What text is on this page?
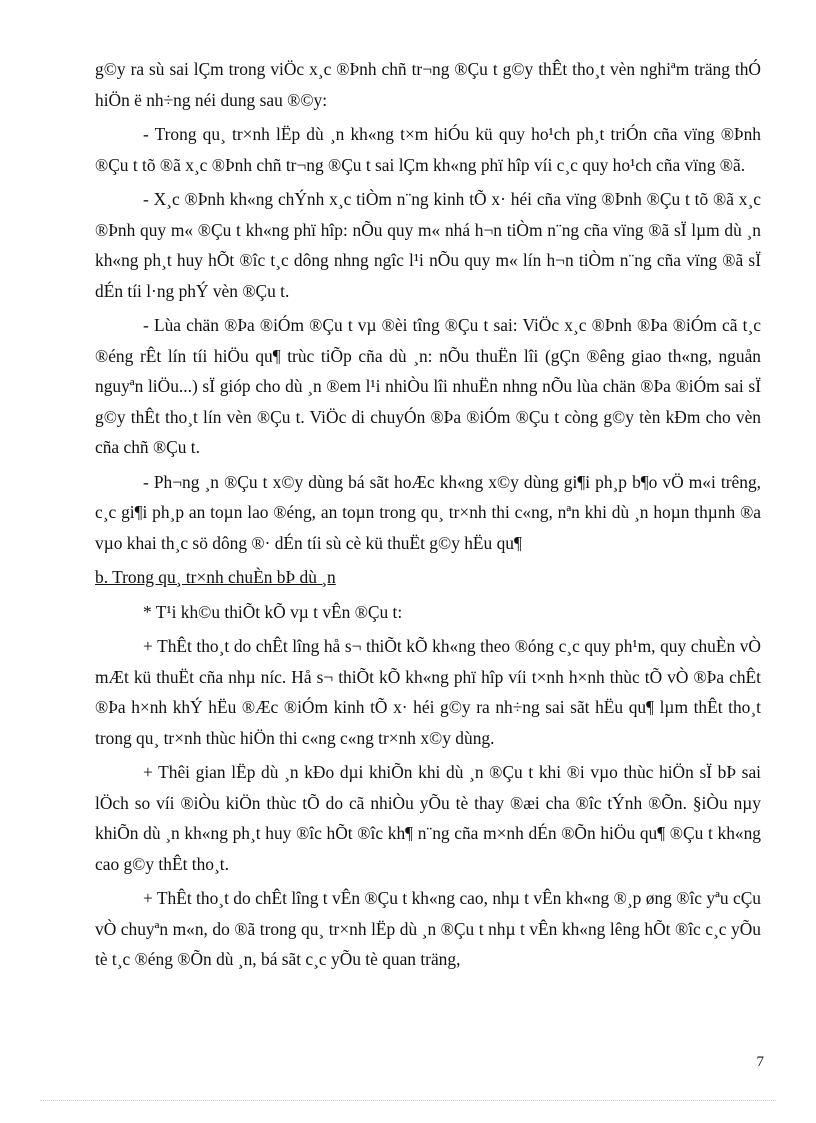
g©y ra sù sai lÇm trong viÖc x¸c ®Þnh chñ tr¬ng ®Çu t g©y thÊt tho¸t vèn nghiªm träng thÓ hiÖn ë nh÷ng néi dung sau ®©y:

- Trong qu¸ tr×nh lËp dù ¸n kh«ng t×m hiÓu kü quy ho¹ch ph¸t triÓn cña vïng ®Þnh ®Çu t tõ ®ã x¸c ®Þnh chñ tr¬ng ®Çu t sai lÇm kh«ng phï hîp víi c¸c quy ho¹ch cña vïng ®ã.

- X¸c ®Þnh kh«ng chÝnh x¸c tiÒm n¨ng kinh tÕ x· héi cña vïng ®Þnh ®Çu t tõ ®ã x¸c ®Þnh quy m« ®Çu t kh«ng phï hîp: nÕu quy m« nhá h¬n tiÒm n¨ng cña vïng ®ã sÏ lµm dù ¸n kh«ng ph¸t huy hÕt ®îc t¸c dông nhng ngîc l¹i nÕu quy m« lín h¬n tiÒm n¨ng cña vïng ®ã sÏ dÉn tíi l·ng phÝ vèn ®Çu t.

- Lùa chän ®Þa ®iÓm ®Çu t vµ ®èi tîng ®Çu t sai: ViÖc x¸c ®Þnh ®Þa ®iÓm cã t¸c ®éng rÊt lín tíi hiÖu qu¶ trùc tiÕp cña dù ¸n: nÕu thuËn lîi (gÇn ®êng giao th«ng, nguån nguyªn liÖu...) sÏ gióp cho dù ¸n ®em l¹i nhiÒu lîi nhuËn nhng nÕu lùa chän ®Þa ®iÓm sai sÏ g©y thÊt tho¸t lín vèn ®Çu t. ViÖc di chuyÓn ®Þa ®iÓm ®Çu t còng g©y tèn kÐm cho vèn cña chñ ®Çu t.

- Ph¬ng ¸n ®Çu t x©y dùng bá sãt hoÆc kh«ng x©y dùng gi¶i ph¸p b¶o vÖ m«i trêng, c¸c gi¶i ph¸p an toµn lao ®éng, an toµn trong qu¸ tr×nh thi c«ng, nªn khi dù ¸n hoµn thµnh ®a vµo khai th¸c sö dông ®· dÉn tíi sù cè kü thuËt g©y hËu qu¶

b. Trong qu¸ tr×nh chuÈn bÞ dù ¸n

* T¹i kh©u thiÕt kÕ vµ t vÊn ®Çu t:

+ ThÊt tho¸t do chÊt lîng hå s¬ thiÕt kÕ kh«ng theo ®óng c¸c quy ph¹m, quy chuÈn vÒ mÆt kü thuËt cña nhµ níc. Hå s¬ thiÕt kÕ kh«ng phï hîp víi t×nh h×nh thùc tÕ vÒ ®Þa chÊt ®Þa h×nh khÝ hËu ®Æc ®iÓm kinh tÕ x· héi g©y ra nh÷ng sai sãt hËu qu¶ lµm thÊt tho¸t trong qu¸ tr×nh thùc hiÖn thi c«ng c«ng tr×nh x©y dùng.

+ Thêi gian lËp dù ¸n kÐo dµi khiÕn khi dù ¸n ®Çu t khi ®i vµo thùc hiÖn sÏ bÞ sai lÖch so víi ®iÒu kiÖn thùc tÕ do cã nhiÒu yÕu tè thay ®æi cha ®îc tÝnh ®Õn. §iÒu nµy khiÕn dù ¸n kh«ng ph¸t huy ®îc hÕt ®îc kh¶ n¨ng cña m×nh dÉn ®Õn hiÖu qu¶ ®Çu t kh«ng cao g©y thÊt tho¸t.

+ ThÊt tho¸t do chÊt lîng t vÊn ®Çu t kh«ng cao, nhµ t vÊn kh«ng ®¸p øng ®îc yªu cÇu vÒ chuyªn m«n, do ®ã trong qu¸ tr×nh lËp dù ¸n ®Çu t nhµ t vÊn kh«ng lêng hÕt ®îc c¸c yÕu tè t¸c ®éng ®Õn dù ¸n, bá sãt c¸c yÕu tè quan träng,

7
